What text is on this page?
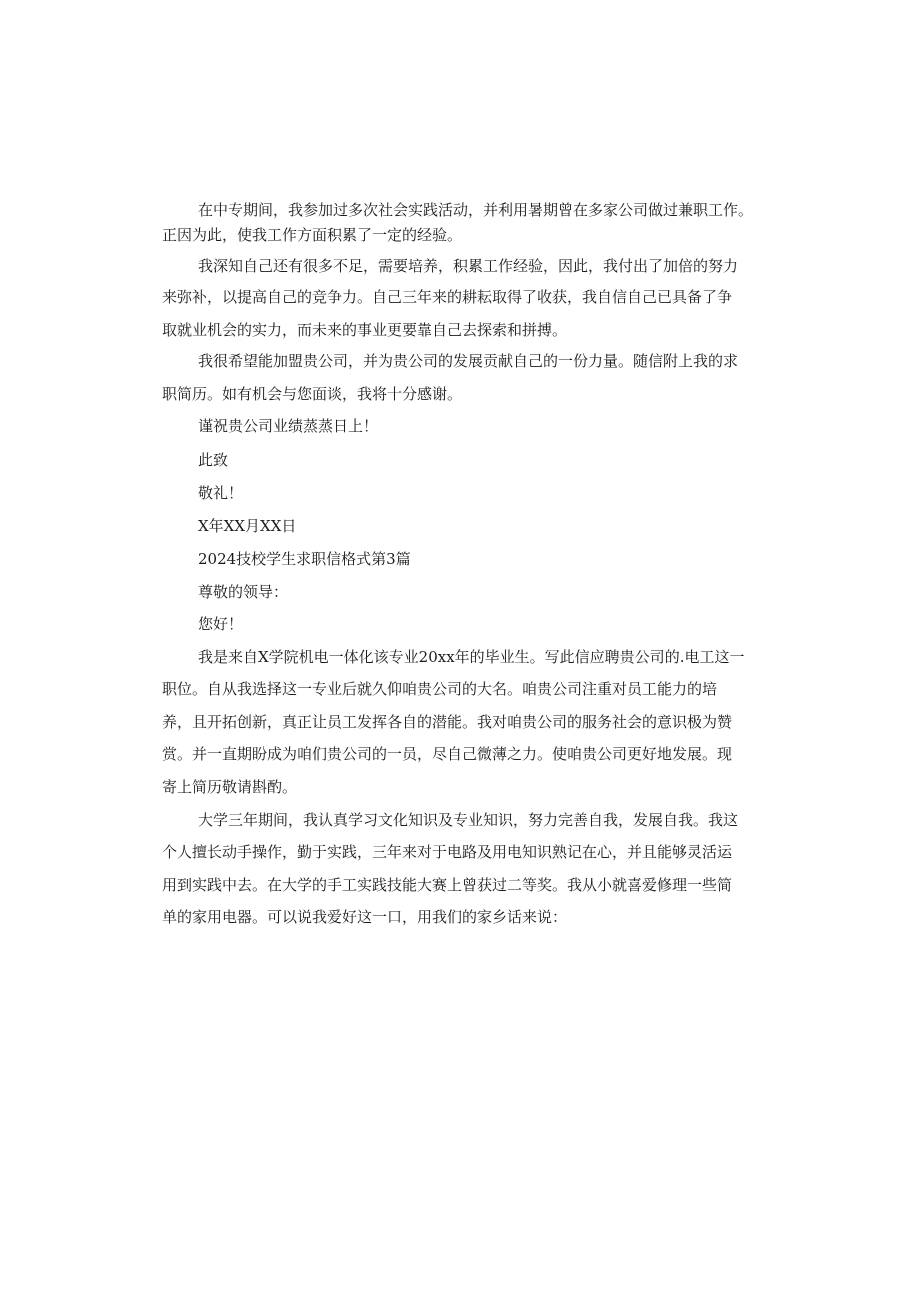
在中专期间，我参加过多次社会实践活动，并利用暑期曾在多家公司做过兼职工作。
正因为此，使我工作方面积累了一定的经验。
我深知自己还有很多不足，需要培养，积累工作经验，因此，我付出了加倍的努力
来弥补，以提高自己的竞争力。自己三年来的耕耘取得了收获，我自信自己已具备了争
取就业机会的实力，而未来的事业更要靠自己去探索和拼搏。
我很希望能加盟贵公司，并为贵公司的发展贡献自己的一份力量。随信附上我的求
职简历。如有机会与您面谈，我将十分感谢。
谨祝贵公司业绩蒸蒸日上！
此致
敬礼！
X年XX月XX日
2024技校学生求职信格式第3篇
尊敬的领导：
您好！
我是来自X学院机电一体化该专业20xx年的毕业生。写此信应聘贵公司的.电工这一
职位。自从我选择这一专业后就久仰咱贵公司的大名。咱贵公司注重对员工能力的培
养，且开拓创新，真正让员工发挥各自的潜能。我对咱贵公司的服务社会的意识极为赞
赏。并一直期盼成为咱们贵公司的一员，尽自己微薄之力。使咱贵公司更好地发展。现
寄上简历敬请斟酌。
大学三年期间，我认真学习文化知识及专业知识，努力完善自我，发展自我。我这
个人擅长动手操作，勤于实践，三年来对于电路及用电知识熟记在心，并且能够灵活运
用到实践中去。在大学的手工实践技能大赛上曾获过二等奖。我从小就喜爱修理一些简
单的家用电器。可以说我爱好这一口，用我们的家乡话来说：
